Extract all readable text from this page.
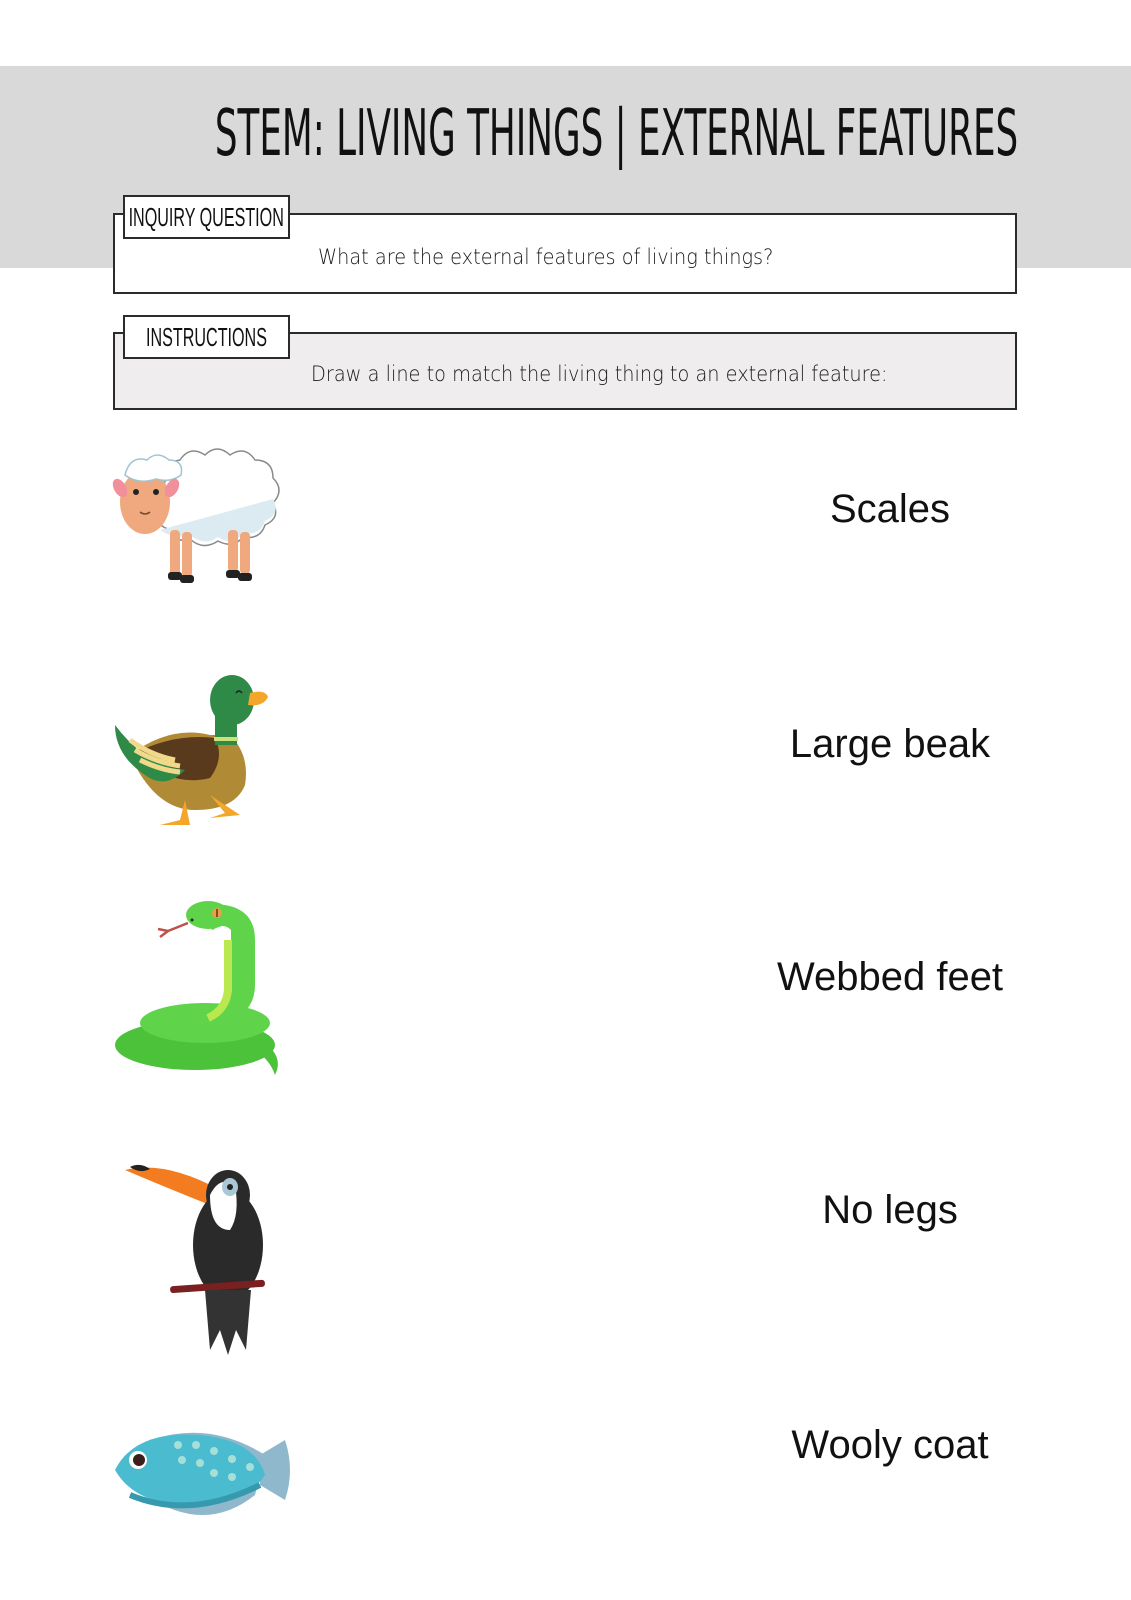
STEM: LIVING THINGS | EXTERNAL FEATURES
INQUIRY QUESTION
What are the external features of living things?
INSTRUCTIONS
Draw a line to match the living thing to an external feature:
Scales
Large beak
Webbed feet
No legs
Wooly coat
